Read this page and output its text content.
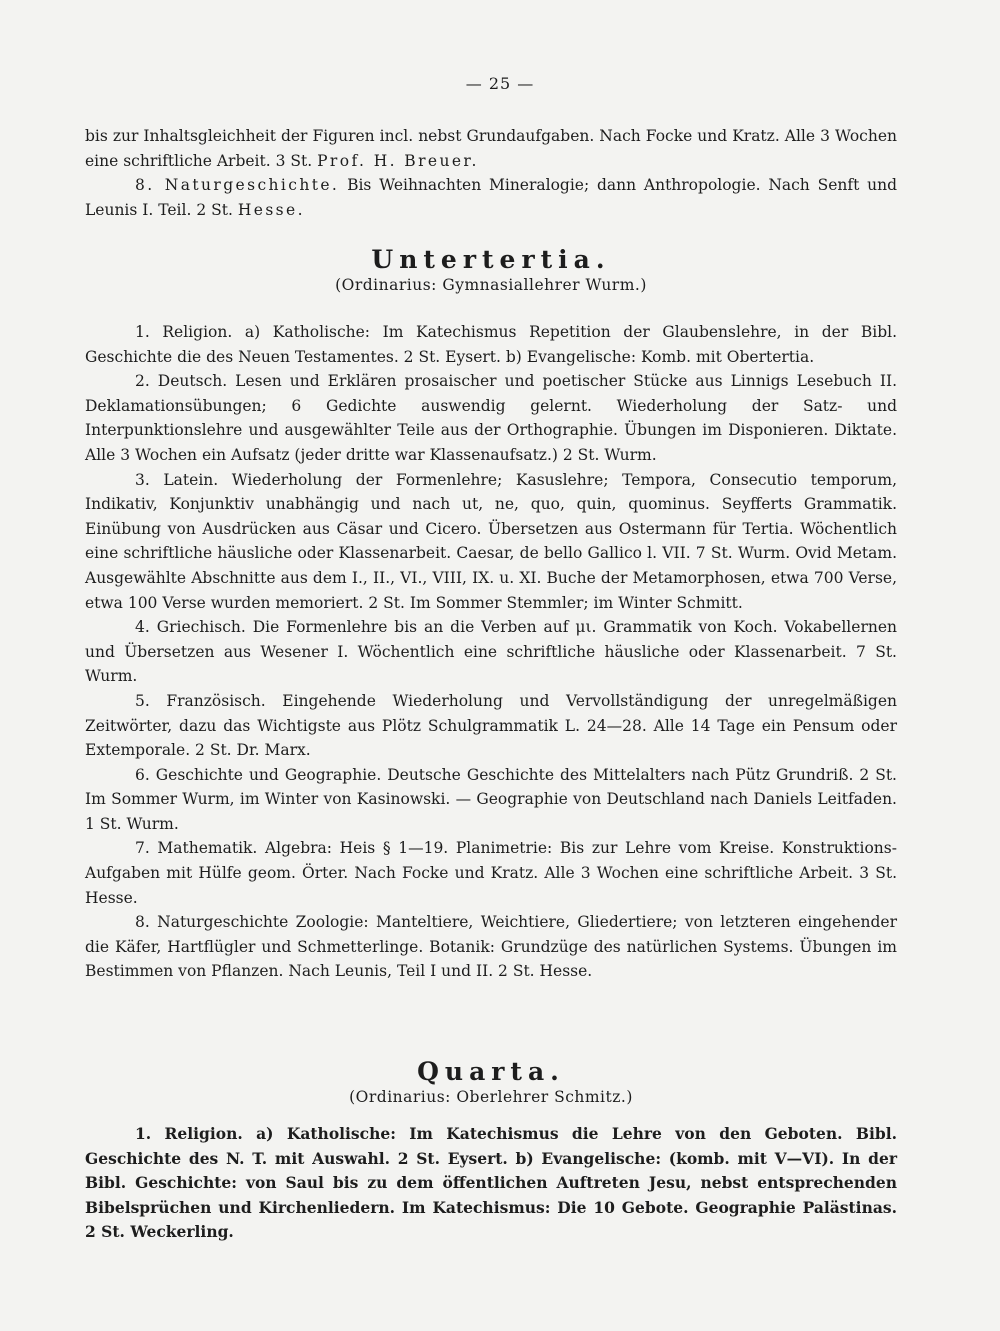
— 25 —

bis zur Inhaltsgleichheit der Figuren incl. nebst Grundaufgaben. Nach Focke und Kratz. Alle 3 Wochen eine schriftliche Arbeit. 3 St. Prof. H. Breuer.

8. Naturgeschichte. Bis Weihnachten Mineralogie; dann Anthropologie. Nach Senft und Leunis I. Teil. 2 St. Hesse.

Untertertia.
(Ordinarius: Gymnasiallehrer Wurm.)

1. Religion. a) Katholische: Im Katechismus Repetition der Glaubenslehre, in der Bibl. Geschichte die des Neuen Testamentes. 2 St. Eysert. b) Evangelische: Komb. mit Obertertia.

2. Deutsch. Lesen und Erklären prosaischer und poetischer Stücke aus Linnigs Lesebuch II. Deklamationsübungen; 6 Gedichte auswendig gelernt. Wiederholung der Satz- und Interpunktionslehre und ausgewählter Teile aus der Orthographie. Übungen im Disponieren. Diktate. Alle 3 Wochen ein Aufsatz (jeder dritte war Klassenaufsatz.) 2 St. Wurm.

3. Latein. Wiederholung der Formenlehre; Kasuslehre; Tempora, Consecutio temporum, Indikativ, Konjunktiv unabhängig und nach ut, ne, quo, quin, quominus. Seyfferts Grammatik. Einübung von Ausdrücken aus Cäsar und Cicero. Übersetzen aus Ostermann für Tertia. Wöchentlich eine schriftliche häusliche oder Klassenarbeit. Caesar, de bello Gallico l. VII. 7 St. Wurm. Ovid Metam. Ausgewählte Abschnitte aus dem I., II., VI., VIII, IX. u. XI. Buche der Metamorphosen, etwa 700 Verse, etwa 100 Verse wurden memoriert. 2 St. Im Sommer Stemmler; im Winter Schmitt.

4. Griechisch. Die Formenlehre bis an die Verben auf μι. Grammatik von Koch. Vokabellernen und Übersetzen aus Wesener I. Wöchentlich eine schriftliche häusliche oder Klassenarbeit. 7 St. Wurm.

5. Französisch. Eingehende Wiederholung und Vervollständigung der unregelmäßigen Zeitwörter, dazu das Wichtigste aus Plötz Schulgrammatik L. 24—28. Alle 14 Tage ein Pensum oder Extemporale. 2 St. Dr. Marx.

6. Geschichte und Geographie. Deutsche Geschichte des Mittelalters nach Pütz Grundriß. 2 St. Im Sommer Wurm, im Winter von Kasinowski. — Geographie von Deutschland nach Daniels Leitfaden. 1 St. Wurm.

7. Mathematik. Algebra: Heis § 1—19. Planimetrie: Bis zur Lehre vom Kreise. Konstruktions-Aufgaben mit Hülfe geom. Örter. Nach Focke und Kratz. Alle 3 Wochen eine schriftliche Arbeit. 3 St. Hesse.

8. Naturgeschichte Zoologie: Manteltiere, Weichtiere, Gliedertiere; von letzteren eingehender die Käfer, Hartflügler und Schmetterlinge. Botanik: Grundzüge des natürlichen Systems. Übungen im Bestimmen von Pflanzen. Nach Leunis, Teil I und II. 2 St. Hesse.

Quarta.
(Ordinarius: Oberlehrer Schmitz.)

1. Religion. a) Katholische: Im Katechismus die Lehre von den Geboten. Bibl. Geschichte des N. T. mit Auswahl. 2 St. Eysert. b) Evangelische: (komb. mit V—VI). In der Bibl. Geschichte: von Saul bis zu dem öffentlichen Auftreten Jesu, nebst entsprechenden Bibelsprüchen und Kirchenliedern. Im Katechismus: Die 10 Gebote. Geographie Palästinas. 2 St. Weckerling.
